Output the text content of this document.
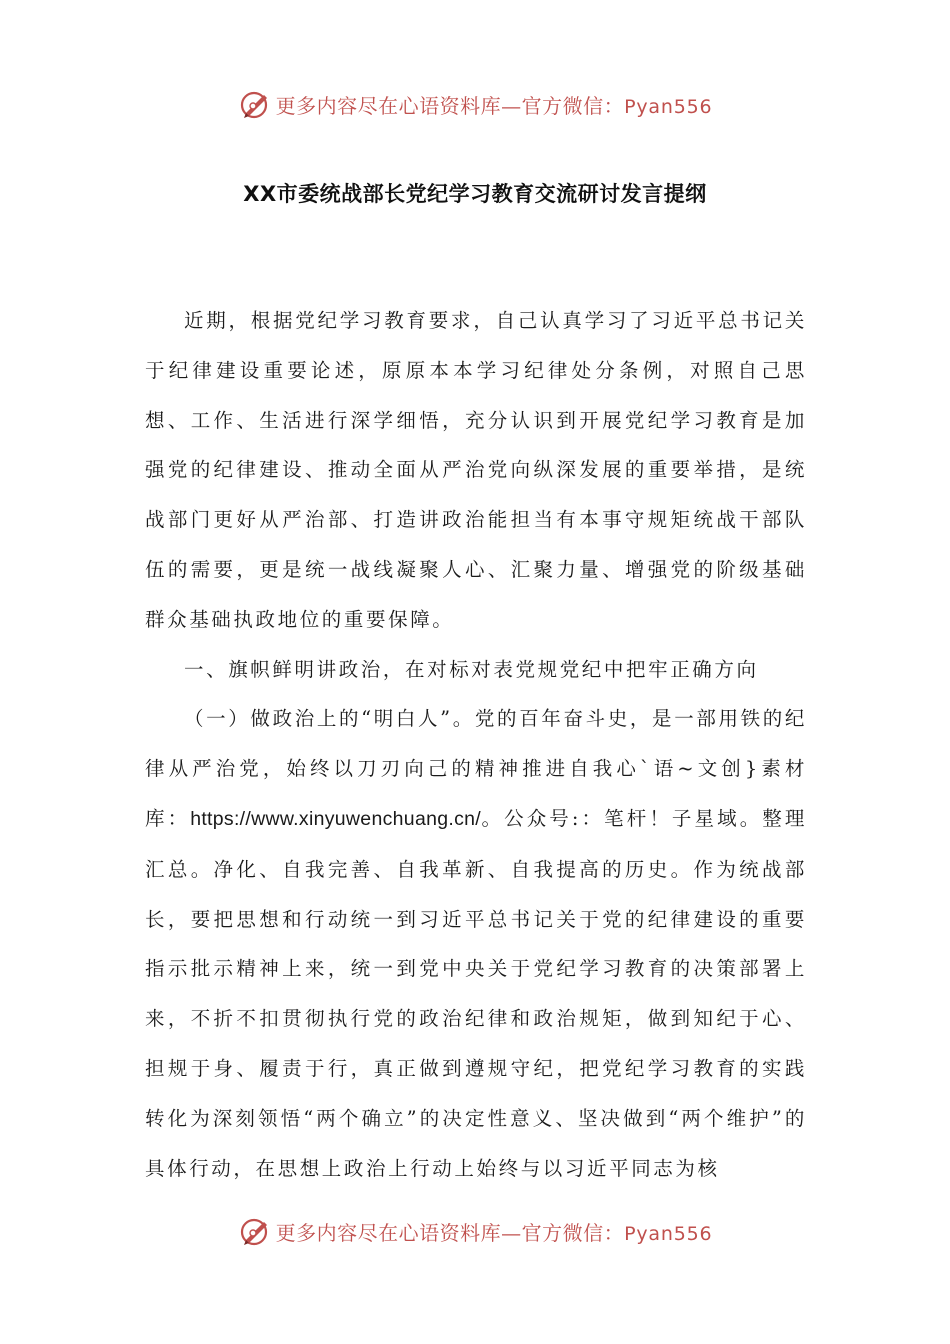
更多内容尽在心语资料库—官方微信：Pyan556
XX市委统战部长党纪学习教育交流研讨发言提纲

近期，根据党纪学习教育要求，自己认真学习了习近平总书记关于纪律建设重要论述，原原本本学习纪律处分条例，对照自己思想、工作、生活进行深学细悟，充分认识到开展党纪学习教育是加强党的纪律建设、推动全面从严治党向纵深发展的重要举措，是统战部门更好从严治部、打造讲政治能担当有本事守规矩统战干部队伍的需要，更是统一战线凝聚人心、汇聚力量、增强党的阶级基础群众基础执政地位的重要保障。

一、旗帜鲜明讲政治，在对标对表党规党纪中把牢正确方向

（一）做政治上的“明白人”。党的百年奋斗史，是一部用铁的纪律从严治党，始终以刀刃向己的精神推进自我心`语~文创}素材库：https://www.xinyuwenchuang.cn/。公众号:：笔杆！子星域。整理汇总。净化、自我完善、自我革新、自我提高的历史。作为统战部长，要把思想和行动统一到习近平总书记关于党的纪律建设的重要指示批示精神上来，统一到党中央关于党纪学习教育的决策部署上来，不折不扣贯彻执行党的政治纪律和政治规矩，做到知纪于心、担规于身、履责于行，真正做到遵规守纪，把党纪学习教育的实践转化为深刻领悟“两个确立”的决定性意义、坚决做到“两个维护”的具体行动，在思想上政治上行动上始终与以习近平同志为核

更多内容尽在心语资料库—官方微信：Pyan556
